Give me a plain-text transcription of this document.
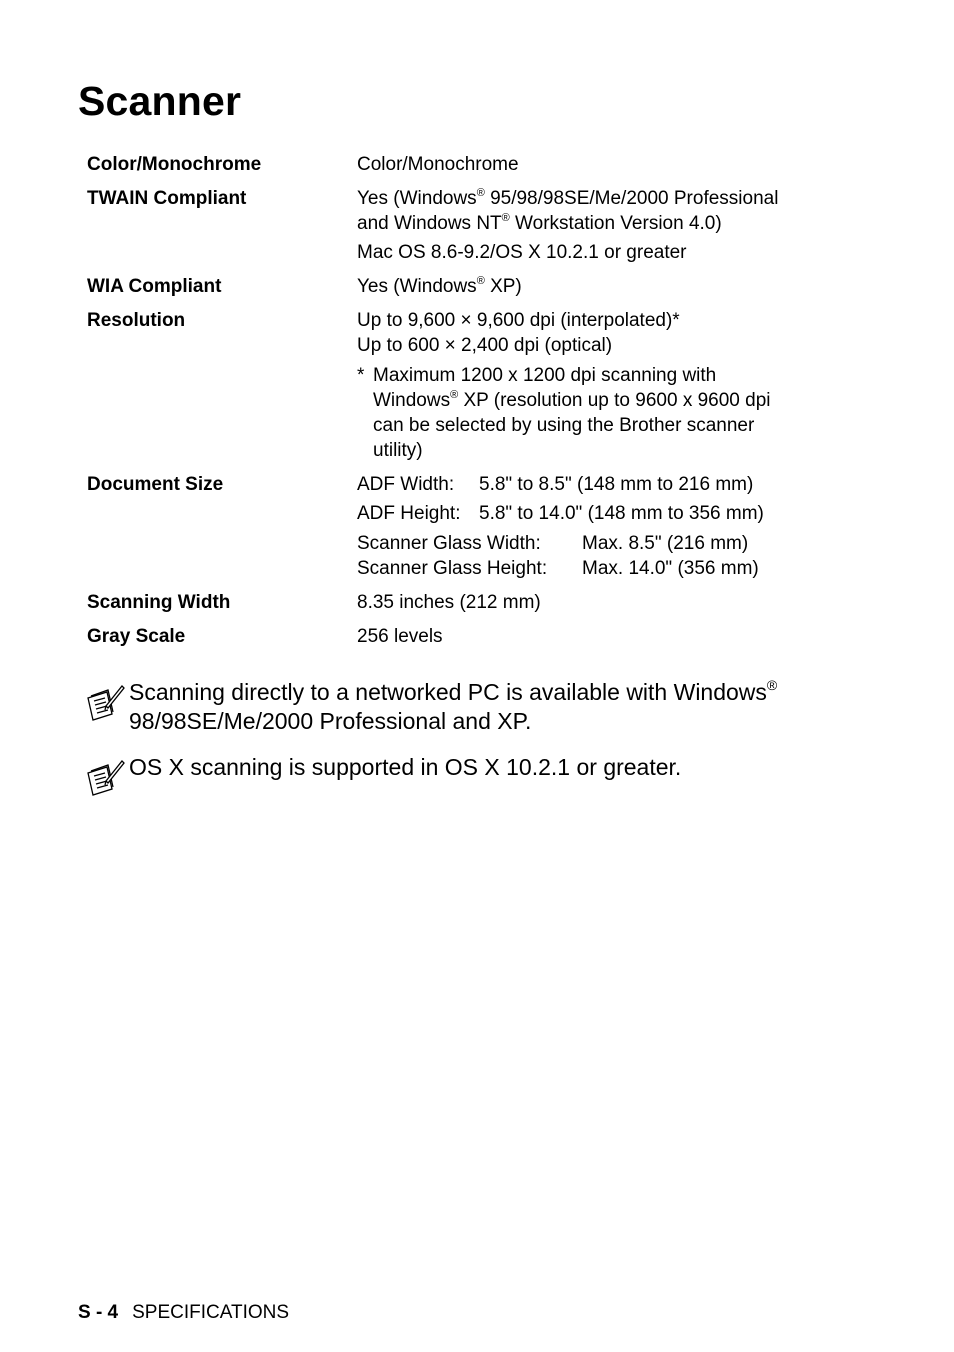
Scanner
Color/Monochrome	Color/Monochrome
TWAIN Compliant	Yes (Windows® 95/98/98SE/Me/2000 Professional
and Windows NT® Workstation Version 4.0)
Mac OS 8.6-9.2/OS X 10.2.1 or greater
WIA Compliant	Yes (Windows® XP)
Resolution	Up to 9,600 × 9,600 dpi (interpolated)*
Up to 600 × 2,400 dpi (optical)
* Maximum 1200 x 1200 dpi scanning with
Windows® XP (resolution up to 9600 x 9600 dpi
can be selected by using the Brother scanner
utility)
Document Size	ADF Width: 5.8" to 8.5" (148 mm to 216 mm)
ADF Height: 5.8" to 14.0" (148 mm to 356 mm)
Scanner Glass Width: Max. 8.5" (216 mm)
Scanner Glass Height: Max. 14.0" (356 mm)
Scanning Width	8.35 inches (212 mm)
Gray Scale	256 levels
Scanning directly to a networked PC is available with Windows®
98/98SE/Me/2000 Professional and XP.
OS X scanning is supported in OS X 10.2.1 or greater.
S - 4 SPECIFICATIONS
